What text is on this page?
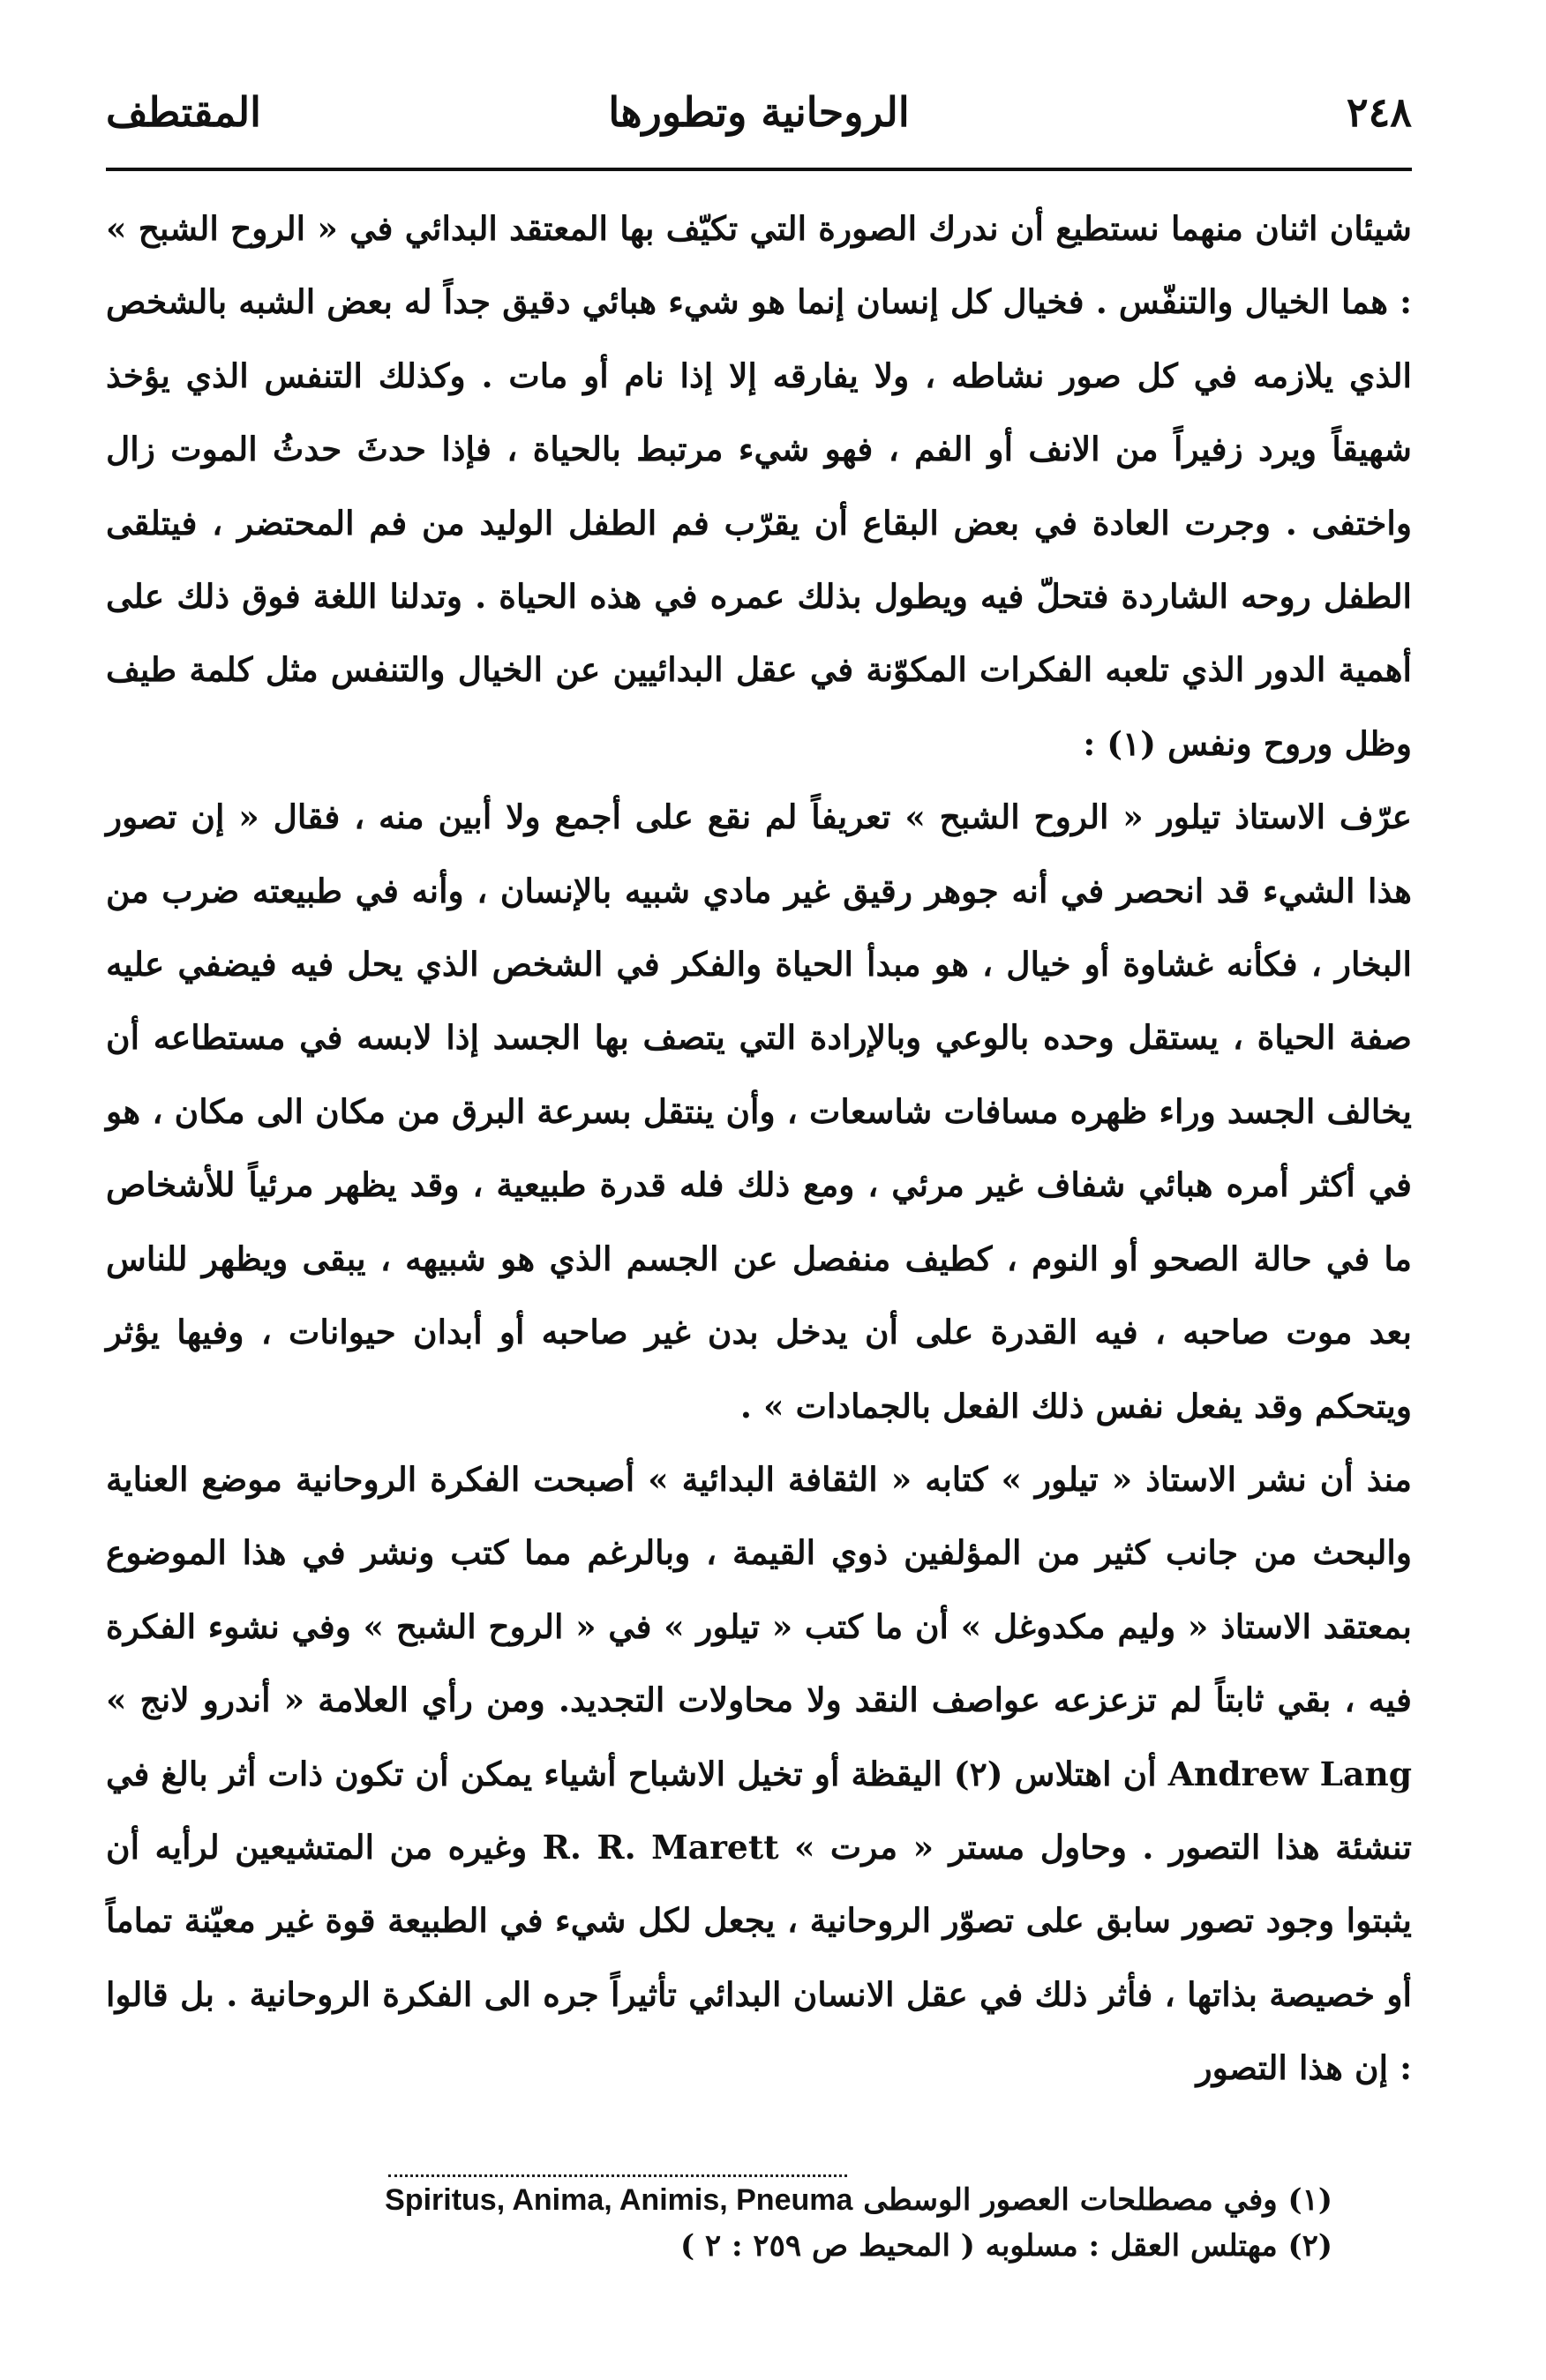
٢٤٨
الروحانية وتطورها
المقتطف

شيئان اثنان منهما نستطيع أن ندرك الصورة التي تكيّف بها المعتقد البدائي في « الروح الشبح » : هما الخيال والتنفّس . فخيال كل إنسان إنما هو شيء هبائي دقيق جداً له بعض الشبه بالشخص الذي يلازمه في كل صور نشاطه ، ولا يفارقه إلا إذا نام أو مات . وكذلك التنفس الذي يؤخذ شهيقاً ويرد زفيراً من الانف أو الفم ، فهو شيء مرتبط بالحياة ، فإذا حدثَ حدثُ الموت زال واختفى . وجرت العادة في بعض البقاع أن يقرّب فم الطفل الوليد من فم المحتضر ، فيتلقى الطفل روحه الشاردة فتحلّ فيه ويطول بذلك عمره في هذه الحياة . وتدلنا اللغة فوق ذلك على أهمية الدور الذي تلعبه الفكرات المكوّنة في عقل البدائيين عن الخيال والتنفس مثل كلمة طيف وظل وروح ونفس (١) :

عرّف الاستاذ تيلور « الروح الشبح » تعريفاً لم نقع على أجمع ولا أبين منه ، فقال « إن تصور هذا الشيء قد انحصر في أنه جوهر رقيق غير مادي شبيه بالإنسان ، وأنه في طبيعته ضرب من البخار ، فكأنه غشاوة أو خيال ، هو مبدأ الحياة والفكر في الشخص الذي يحل فيه فيضفي عليه صفة الحياة ، يستقل وحده بالوعي وبالإرادة التي يتصف بها الجسد إذا لابسه في مستطاعه أن يخالف الجسد وراء ظهره مسافات شاسعات ، وأن ينتقل بسرعة البرق من مكان الى مكان ، هو في أكثر أمره هبائي شفاف غير مرئي ، ومع ذلك فله قدرة طبيعية ، وقد يظهر مرئياً للأشخاص ما في حالة الصحو أو النوم ، كطيف منفصل عن الجسم الذي هو شبيهه ، يبقى ويظهر للناس بعد موت صاحبه ، فيه القدرة على أن يدخل بدن غير صاحبه أو أبدان حيوانات ، وفيها يؤثر ويتحكم وقد يفعل نفس ذلك الفعل بالجمادات » .

منذ أن نشر الاستاذ « تيلور » كتابه « الثقافة البدائية » أصبحت الفكرة الروحانية موضع العناية والبحث من جانب كثير من المؤلفين ذوي القيمة ، وبالرغم مما كتب ونشر في هذا الموضوع بمعتقد الاستاذ « وليم مكدوغل » أن ما كتب « تيلور » في « الروح الشبح » وفي نشوء الفكرة فيه ، بقي ثابتاً لم تزعزعه عواصف النقد ولا محاولات التجديد. ومن رأي العلامة « أندرو لانج » Andrew Lang أن اهتلاس (٢) اليقظة أو تخيل الاشباح أشياء يمكن أن تكون ذات أثر بالغ في تنشئة هذا التصور . وحاول مستر « مرت » R. R. Marett وغيره من المتشيعين لرأيه أن يثبتوا وجود تصور سابق على تصوّر الروحانية ، يجعل لكل شيء في الطبيعة قوة غير معيّنة تماماً أو خصيصة بذاتها ، فأثر ذلك في عقل الانسان البدائي تأثيراً جره الى الفكرة الروحانية . بل قالوا : إن هذا التصور

(١) وفي مصطلحات العصور الوسطى Spiritus, Anima, Animis, Pneuma
(٢) مهتلس العقل : مسلوبه ( المحيط ص ٢٥٩ : ٢ )
